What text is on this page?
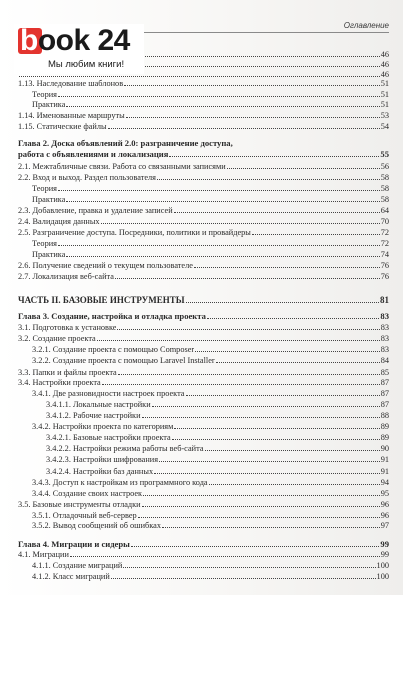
Оглавление
book 24
Мы любим книги!
46
46
46
1.13. Наследование шаблонов	51
Теория	51
Практика	51
1.14. Именованные маршруты	53
1.15. Статические файлы	54
Глава 2. Доска объявлений 2.0: разграничение доступа,
работа с объявлениями и локализация	55
2.1. Межтабличные связи. Работа со связанными записями	56
2.2. Вход и выход. Раздел пользователя	58
Теория	58
Практика	58
2.3. Добавление, правка и удаление записей	64
2.4. Валидация данных	70
2.5. Разграничение доступа. Посредники, политики и провайдеры	72
Теория	72
Практика	74
2.6. Получение сведений о текущем пользователе	76
2.7. Локализация веб-сайта	76
ЧАСТЬ II. БАЗОВЫЕ ИНСТРУМЕНТЫ	81
Глава 3. Создание, настройка и отладка проекта	83
3.1. Подготовка к установке	83
3.2. Создание проекта	83
3.2.1. Создание проекта с помощью Composer	83
3.2.2. Создание проекта с помощью Laravel Installer	84
3.3. Папки и файлы проекта	85
3.4. Настройки проекта	87
3.4.1. Две разновидности настроек проекта	87
3.4.1.1. Локальные настройки	87
3.4.1.2. Рабочие настройки	88
3.4.2. Настройки проекта по категориям	89
3.4.2.1. Базовые настройки проекта	89
3.4.2.2. Настройки режима работы веб-сайта	90
3.4.2.3. Настройки шифрования	91
3.4.2.4. Настройки баз данных	91
3.4.3. Доступ к настройкам из программного кода	94
3.4.4. Создание своих настроек	95
3.5. Базовые инструменты отладки	96
3.5.1. Отладочный веб-сервер	96
3.5.2. Вывод сообщений об ошибках	97
Глава 4. Миграции и сидеры	99
4.1. Миграции	99
4.1.1. Создание миграций	100
4.1.2. Класс миграций	100
